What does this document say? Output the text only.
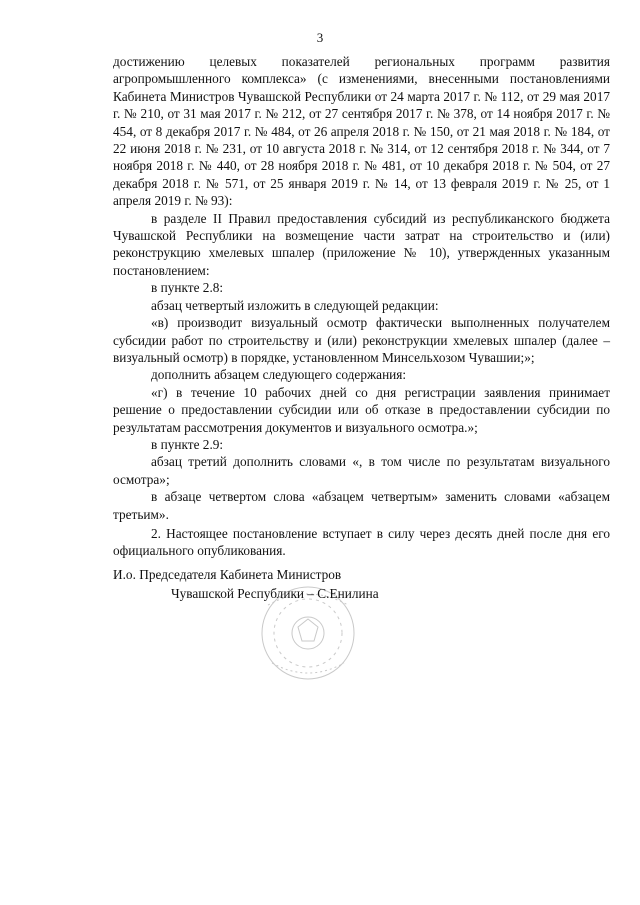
3

достижению целевых показателей региональных программ развития агропромышленного комплекса» (с изменениями, внесенными постановлениями Кабинета Министров Чувашской Республики от 24 марта 2017 г. № 112, от 29 мая 2017 г. № 210, от 31 мая 2017 г. № 212, от 27 сентября 2017 г. № 378, от 14 ноября 2017 г. № 454, от 8 декабря 2017 г. № 484, от 26 апреля 2018 г. № 150, от 21 мая 2018 г. № 184, от 22 июня 2018 г. № 231, от 10 августа 2018 г. № 314, от 12 сентября 2018 г. № 344, от 7 ноября 2018 г. № 440, от 28 ноября 2018 г. № 481, от 10 декабря 2018 г. № 504, от 27 декабря 2018 г. № 571, от 25 января 2019 г. № 14, от 13 февраля 2019 г. № 25, от 1 апреля 2019 г. № 93):

в разделе II Правил предоставления субсидий из республиканского бюджета Чувашской Республики на возмещение части затрат на строительство и (или) реконструкцию хмелевых шпалер (приложение № 10), утвержденных указанным постановлением:

в пункте 2.8:

абзац четвертый изложить в следующей редакции:

«в) производит визуальный осмотр фактически выполненных получателем субсидии работ по строительству и (или) реконструкции хмелевых шпалер (далее – визуальный осмотр) в порядке, установленном Минсельхозом Чувашии;»;

дополнить абзацем следующего содержания:

«г) в течение 10 рабочих дней со дня регистрации заявления принимает решение о предоставлении субсидии или об отказе в предоставлении субсидии по результатам рассмотрения документов и визуального осмотра.»;

в пункте 2.9:

абзац третий дополнить словами «, в том числе по результатам визуального осмотра»;

в абзаце четвертом слова «абзацем четвертым» заменить словами «абзацем третьим».

2. Настоящее постановление вступает в силу через десять дней после дня его официального опубликования.

И.о. Председателя Кабинета Министров
Чувашской Республики – С.Енилина
